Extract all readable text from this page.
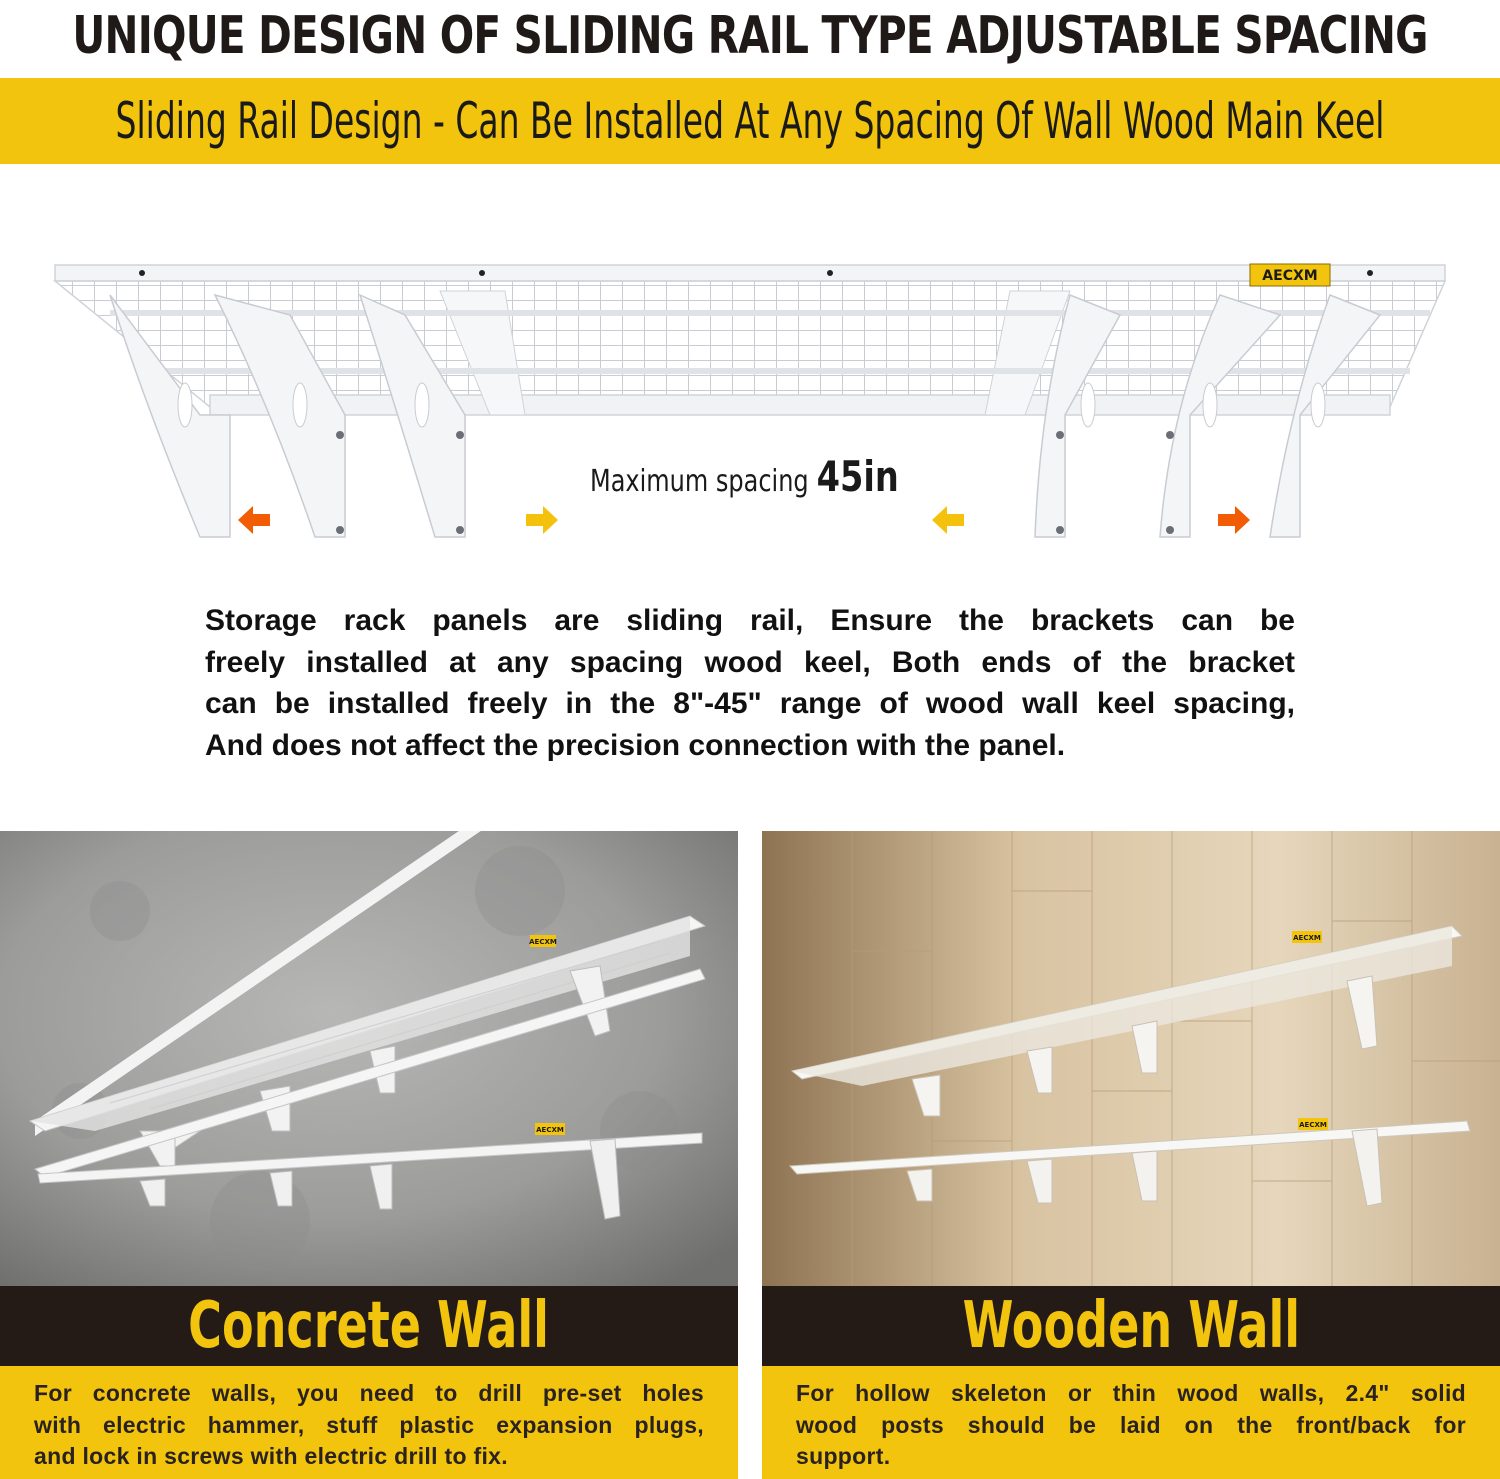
UNIQUE DESIGN OF SLIDING RAIL TYPE ADJUSTABLE SPACING
Sliding Rail Design - Can Be Installed At Any Spacing Of Wall Wood Main Keel
AECXM
Maximum spacing 45in
Storage rack panels are sliding rail, Ensure the brackets can be
freely installed at any spacing wood keel, Both ends of the bracket
can be installed freely in the 8"-45" range of wood wall keel spacing,
And does not affect the precision connection with the panel.
AECXM
AECXM
Concrete Wall
For concrete walls, you need to drill pre-set holes
with electric hammer, stuff plastic expansion plugs,
and lock in screws with electric drill to fix.
AECXM
AECXM
Wooden Wall
For hollow skeleton or thin wood walls, 2.4" solid
wood posts should be laid on the front/back for
support.
